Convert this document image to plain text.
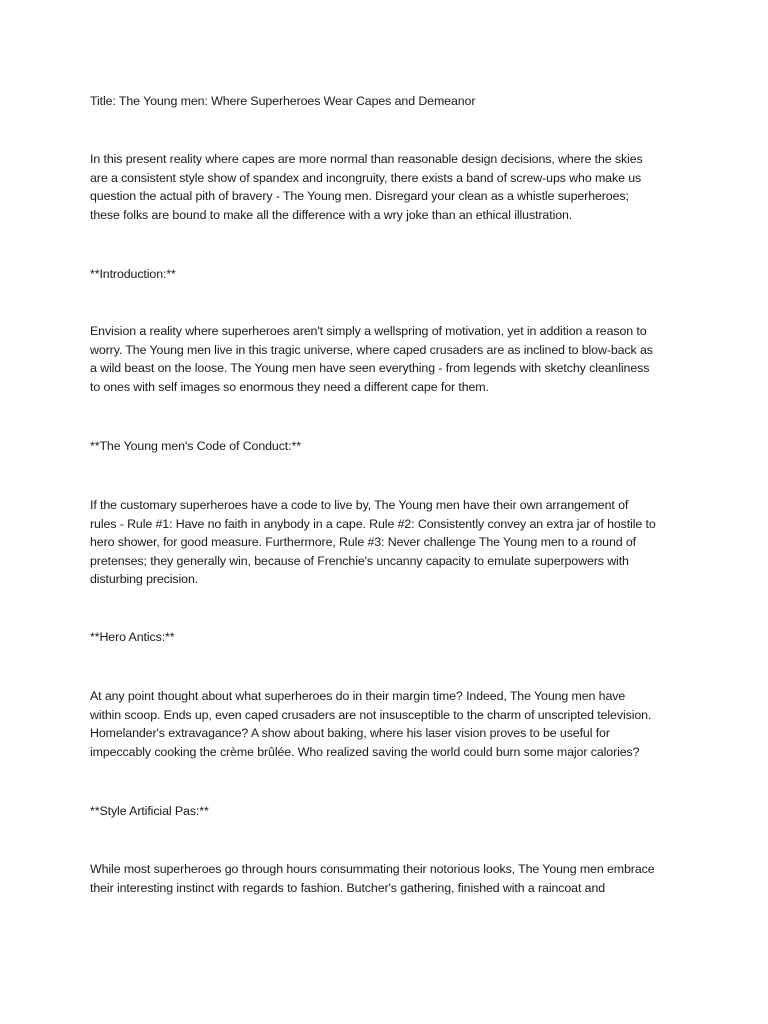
Title: The Young men: Where Superheroes Wear Capes and Demeanor
In this present reality where capes are more normal than reasonable design decisions, where the skies
are a consistent style show of spandex and incongruity, there exists a band of screw-ups who make us
question the actual pith of bravery - The Young men. Disregard your clean as a whistle superheroes;
these folks are bound to make all the difference with a wry joke than an ethical illustration.
**Introduction:**
Envision a reality where superheroes aren't simply a wellspring of motivation, yet in addition a reason to
worry. The Young men live in this tragic universe, where caped crusaders are as inclined to blow-back as
a wild beast on the loose. The Young men have seen everything - from legends with sketchy cleanliness
to ones with self images so enormous they need a different cape for them.
**The Young men's Code of Conduct:**
If the customary superheroes have a code to live by, The Young men have their own arrangement of
rules - Rule #1: Have no faith in anybody in a cape. Rule #2: Consistently convey an extra jar of hostile to
hero shower, for good measure. Furthermore, Rule #3: Never challenge The Young men to a round of
pretenses; they generally win, because of Frenchie's uncanny capacity to emulate superpowers with
disturbing precision.
**Hero Antics:**
At any point thought about what superheroes do in their margin time? Indeed, The Young men have
within scoop. Ends up, even caped crusaders are not insusceptible to the charm of unscripted television.
Homelander's extravagance? A show about baking, where his laser vision proves to be useful for
impeccably cooking the crème brûlée. Who realized saving the world could burn some major calories?
**Style Artificial Pas:**
While most superheroes go through hours consummating their notorious looks, The Young men embrace
their interesting instinct with regards to fashion. Butcher's gathering, finished with a raincoat and
